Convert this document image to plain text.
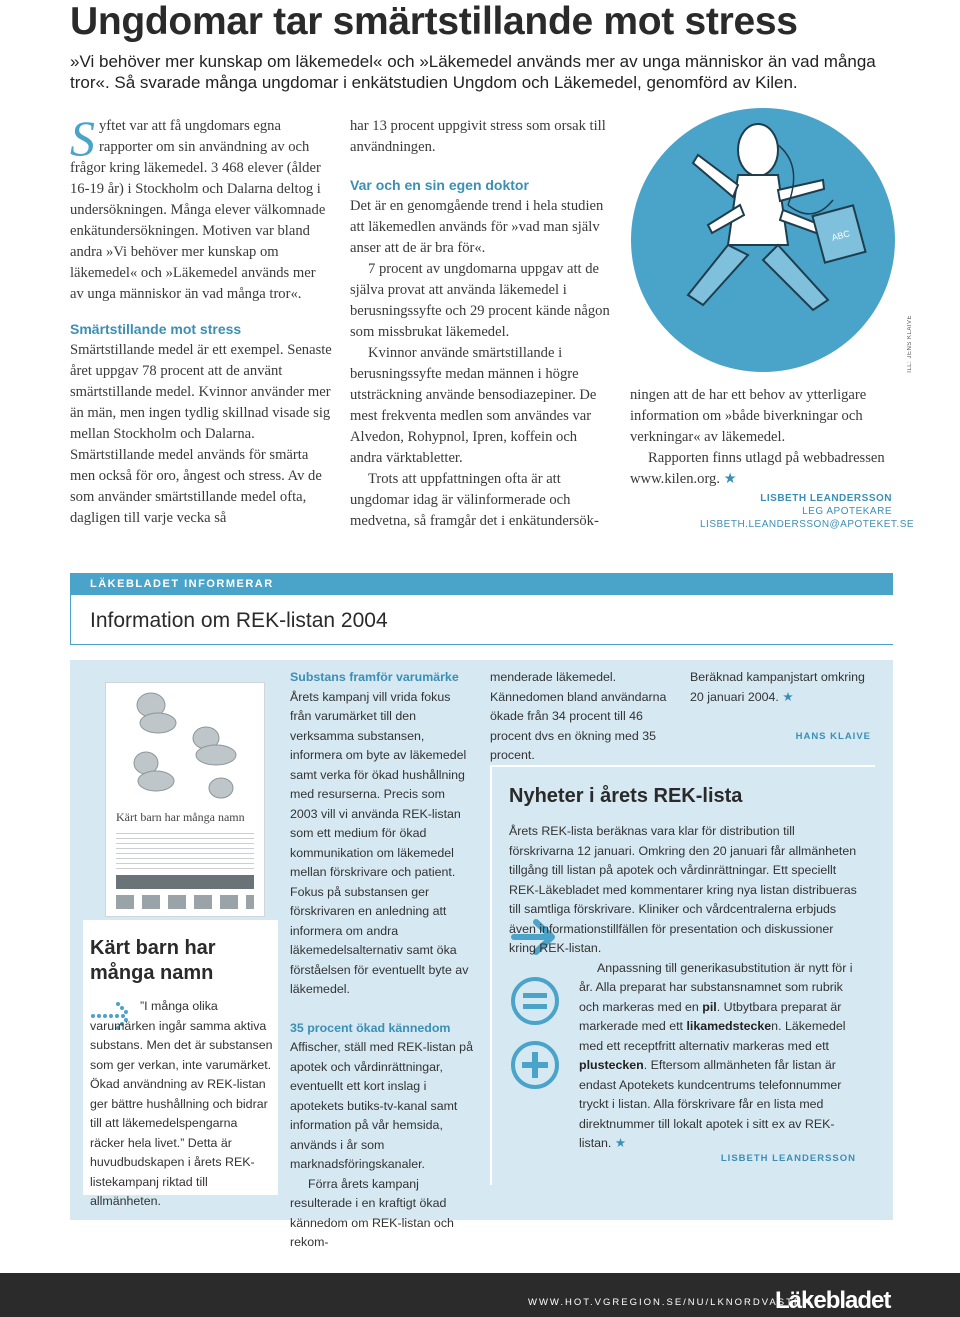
Ungdomar tar smärtstillande mot stress
»Vi behöver mer kunskap om läkemedel« och »Läkemedel används mer av unga människor än vad många tror«. Så svarade många ungdomar i enkätstudien Ungdom och Läkemedel, genomförd av Kilen.
ABC
ILL: JENS KLAIVE

Syftet var att få ungdomars egna rapporter om sin användning av och frågor kring läkemedel. 3 468 elever (ålder 16-19 år) i Stockholm och Dalarna deltog i undersökningen. Många elever välkomnade enkätundersökningen. Motiven var bland andra »Vi behöver mer kunskap om läkemedel« och »Läkemedel används mer av unga människor än vad många tror«.

Smärtstillande mot stress

Smärtstillande medel är ett exempel. Senaste året uppgav 78 procent att de använt smärtstillande medel. Kvinnor använder mer än män, men ingen tydlig skillnad visade sig mellan Stockholm och Dalarna. Smärtstillande medel används för smärta men också för oro, ångest och stress. Av de som använder smärtstillande medel ofta, dagligen till varje vecka så

har 13 procent uppgivit stress som orsak till användningen.

Var och en sin egen doktor

Det är en genomgående trend i hela studien att läkemedlen används för »vad man själv anser att de är bra för«.

7 procent av ungdomarna uppgav att de själva provat att använda läkemedel i berusningssyfte och 29 procent kände någon som missbrukat läkemedel.

Kvinnor använde smärtstillande i berusningssyfte medan männen i högre utsträckning använde bensodiazepiner. De mest frekventa medlen som användes var Alvedon, Rohypnol, Ipren, koffein och andra värktabletter.

Trots att uppfattningen ofta är att ungdomar idag är välinformerade och medvetna, så framgår det i enkätundersök-

ningen att de har ett behov av ytterligare information om »både biverkningar och verkningar« av läkemedel.

Rapporten finns utlagd på webbadressen www.kilen.org. ★

LISBETH LEANDERSSON
LEG APOTEKARE
LISBETH.LEANDERSSON@APOTEKET.SE
LÄKEBLADET INFORMERAR
Information om REK-listan 2004
Kärt barn har många namn
Kärt barn har många namn
”I många olika varumärken ingår samma aktiva substans. Men det är substansen som ger verkan, inte varumärket. Ökad användning av REK-listan ger bättre hushållning och bidrar till att läkemedelspengarna räcker hela livet.” Detta är huvudbudskapen i årets REK-listekampanj riktad till allmänheten.

Substans framför varumärke

Årets kampanj vill vrida fokus från varumärket till den verksamma substansen, informera om byte av läkemedel samt verka för ökad hushållning med resurserna. Precis som 2003 vill vi använda REK-listan som ett medium för ökad kommunikation om läkemedel mellan förskrivare och patient. Fokus på substansen ger förskrivaren en anledning att informera om andra läkemedelsalternativ samt öka förståelsen för eventuellt byte av läkemedel.

35 procent ökad kännedom

Affischer, ställ med REK-listan på apotek och vårdinrättningar, eventuellt ett kort inslag i apotekets butiks-tv-kanal samt information på vår hemsida, används i år som marknadsföringskanaler.

Förra årets kampanj resulterade i en kraftigt ökad kännedom om REK-listan och rekom-

menderade läkemedel. Kännedomen bland användarna ökade från 34 procent till 46 procent dvs en ökning med 35 procent.

Beräknad kampanjstart omkring 20 januari 2004. ★

HANS KLAIVE
Nyheter i årets REK-lista

Årets REK-lista beräknas vara klar för distribution till förskrivarna 12 januari. Omkring den 20 januari får allmänheten tillgång till listan på apotek och vårdinrättningar. Ett speciellt REK-Läkebladet med kommentarer kring nya listan distribueras till samtliga förskrivare. Kliniker och vårdcentralerna erbjuds även informationstillfällen för presentation och diskussioner kring REK-listan.

Anpassning till generikasubstitution är nytt för i år. Alla preparat har substansnamnet som rubrik och markeras med en pil. Utbytbara preparat är markerade med ett likamedstecken. Läkemedel med ett receptfritt alternativ markeras med ett plustecken. Eftersom allmänheten får listan är endast Apotekets kundcentrums telefonnummer tryckt i listan. Alla förskrivare får en lista med direktnummer till lokalt apotek i sitt ex av REK-listan. ★

LISBETH LEANDERSSON
WWW.HOT.VGREGION.SE/NU/LKNORDVASTRA
Läkebladet
